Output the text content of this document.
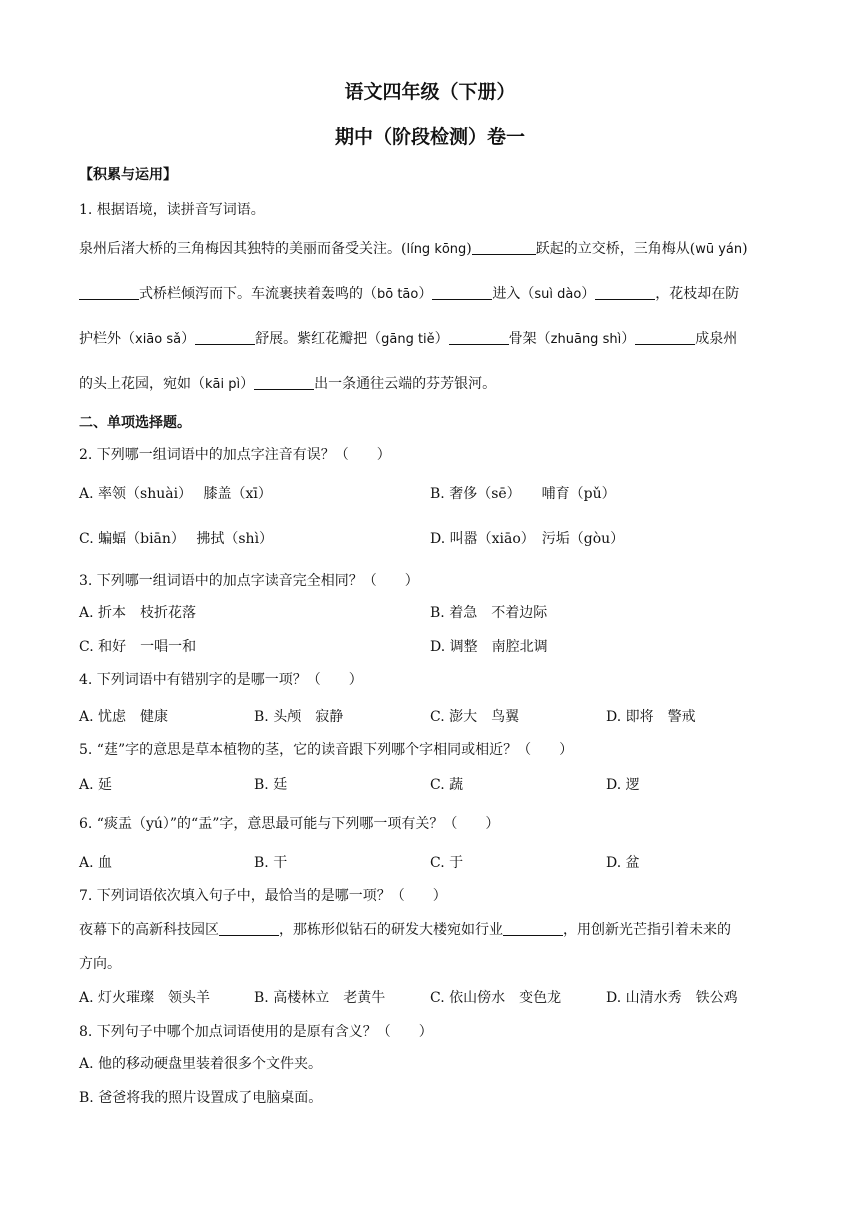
语文四年级（下册）
期中（阶段检测）卷一
【积累与运用】
1. 根据语境，读拼音写词语。
泉州后渚大桥的三角梅因其独特的美丽而备受关注。(líng kōng)	跃起的立交桥，三角梅从(wū yán)
式桥栏倾泻而下。车流裹挟着轰鸣的（bō tāo）	进入（suì dào）	，花枝却在防
护栏外（xiāo sǎ）	舒展。紫红花瓣把（gāng tiě）	骨架（zhuāng shì）	成泉州
的头上花园，宛如（kāi pì）	出一条通往云端的芬芳银河。
二、单项选择题。
2. 下列哪一组词语中的加点字注音有误？（　　）
A. 率领（shuài）　 膝盖（xī）	B. 奢侈（sē）　　哺育（pǔ）
C. 蝙蝠（biān）　 拂拭（shì）	D. 叫嚣（xiāo）　污垢（gòu）
3. 下列哪一组词语中的加点字读音完全相同？（　　）
A. 折本　枝折花落	B. 着急　不着边际
C. 和好　一唱一和	D. 调整　南腔北调
4. 下列词语中有错别字的是哪一项？（　　）
A. 忧虑　健康	B. 头颅　寂静	C. 澎大　鸟翼	D. 即将　警戒
5. “莛”字的意思是草本植物的茎，它的读音跟下列哪个字相同或相近？（　　）
A. 延	B. 廷	C. 蔬	D. 逻
6. “痰盂（yú）”的“盂”字，意思最可能与下列哪一项有关？（　　）
A. 血	B. 干	C. 于	D. 盆
7. 下列词语依次填入句子中，最恰当的是哪一项？（　　）
夜幕下的高新科技园区	，那栋形似钻石的研发大楼宛如行业	，用创新光芒指引着未来的
方向。
A. 灯火璀璨　领头羊	B. 高楼林立　老黄牛	C. 依山傍水　变色龙	D. 山清水秀　铁公鸡
8. 下列句子中哪个加点词语使用的是原有含义？（　　）
A. 他的移动硬盘里装着很多个文件夹。
B. 爸爸将我的照片设置成了电脑桌面。
